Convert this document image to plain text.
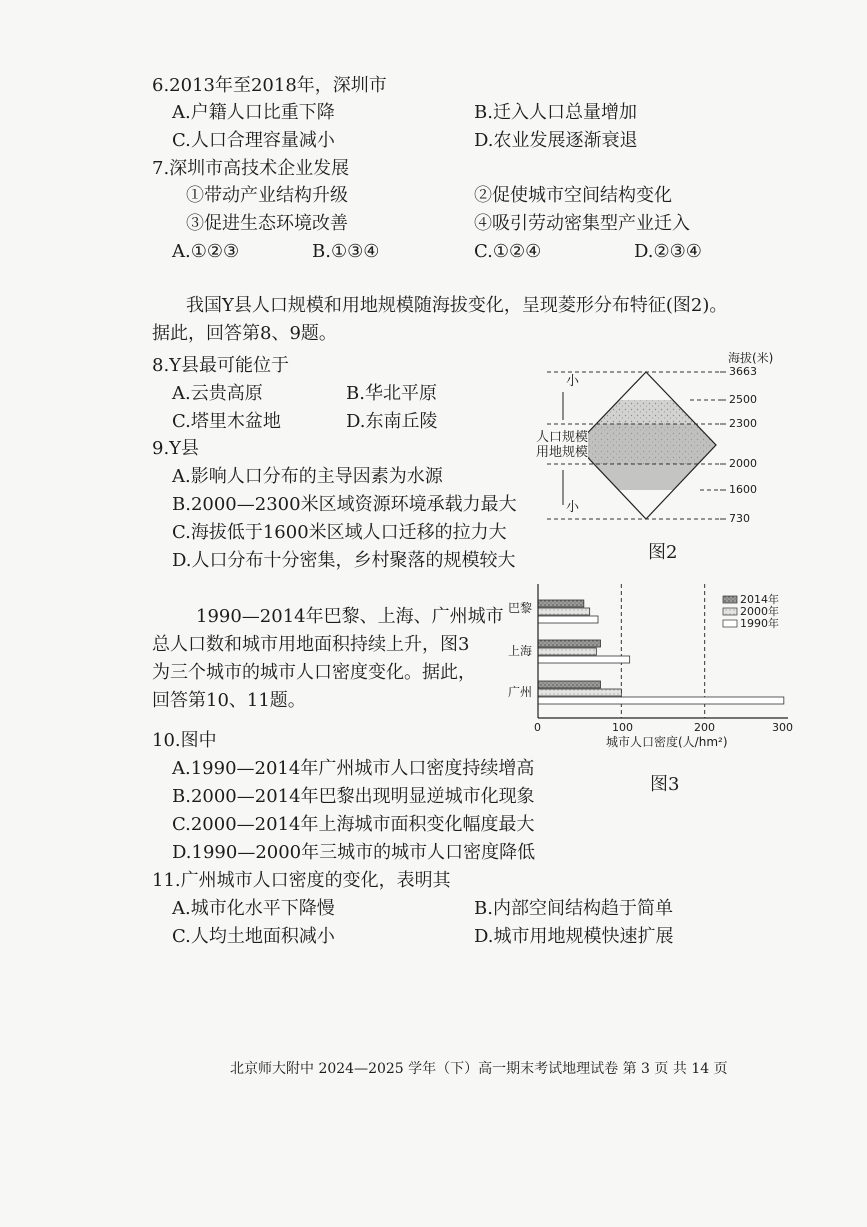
6.2013年至2018年，深圳市
A.户籍人口比重下降	B.迁入人口总量增加
C.人口合理容量减小	D.农业发展逐渐衰退
7.深圳市高技术企业发展
①带动产业结构升级	②促使城市空间结构变化
③促进生态环境改善	④吸引劳动密集型产业迁入
A.①②③	B.①③④	C.①②④	D.②③④
我国Y县人口规模和用地规模随海拔变化，呈现菱形分布特征(图2)。
据此，回答第8、9题。
8.Y县最可能位于
A.云贵高原	B.华北平原
C.塔里木盆地	D.东南丘陵
9.Y县
A.影响人口分布的主导因素为水源
B.2000—2300米区域资源环境承载力最大
C.海拔低于1600米区域人口迁移的拉力大
D.人口分布十分密集，乡村聚落的规模较大
海拔(米)
小
小
人口规模
用地规模
3663
2500
2300
2000
1600
730
图2
1990—2014年巴黎、上海、广州城市
总人口数和城市用地面积持续上升，图3
为三个城市的城市人口密度变化。据此，
回答第10、11题。
2014年
2000年
1990年
巴黎
上海
广州
0	100	200	300
城市人口密度(人/hm²)
图3
10.图中
A.1990—2014年广州城市人口密度持续增高
B.2000—2014年巴黎出现明显逆城市化现象
C.2000—2014年上海城市面积变化幅度最大
D.1990—2000年三城市的城市人口密度降低
11.广州城市人口密度的变化，表明其
A.城市化水平下降慢	B.内部空间结构趋于简单
C.人均土地面积减小	D.城市用地规模快速扩展
北京师大附中 2024—2025 学年（下）高一期末考试地理试卷 第 3 页 共 14 页
